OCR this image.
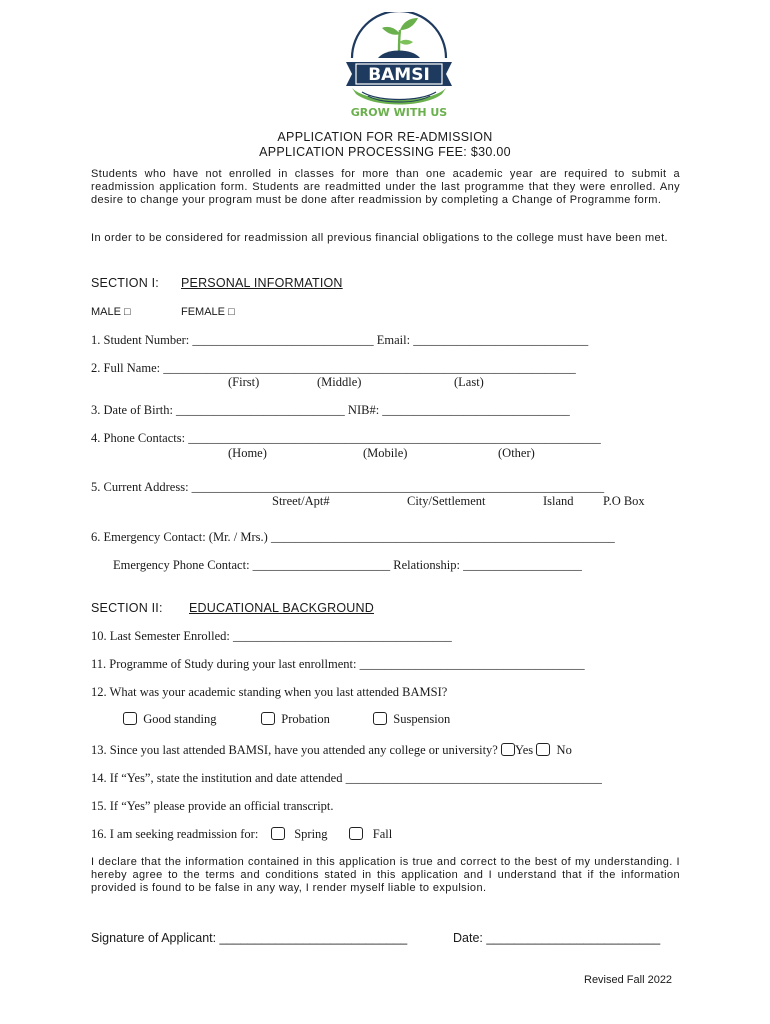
BAMSI
GROW WITH US
APPLICATION FOR RE-ADMISSION
APPLICATION PROCESSING FEE: $30.00

Students who have not enrolled in classes for more than one academic year are required to submit a readmission application form. Students are readmitted under the last programme that they were enrolled. Any desire to change your program must be done after readmission by completing a Change of Programme form.

In order to be considered for readmission all previous financial obligations to the college must have been met.

SECTION I: PERSONAL INFORMATION
MALE □	FEMALE □
1. Student Number: _____________________________ Email: ____________________________
2. Full Name: __________________________________________________________________
(First)	(Middle)	(Last)
3. Date of Birth: ___________________________ NIB#: ______________________________
4. Phone Contacts: __________________________________________________________________
(Home)	(Mobile)	(Other)
5. Current Address: __________________________________________________________________
Street/Apt#	City/Settlement	Island P.O Box
6. Emergency Contact: (Mr. / Mrs.) _______________________________________________________
Emergency Phone Contact: ______________________ Relationship: ___________________
SECTION II: EDUCATIONAL BACKGROUND
10. Last Semester Enrolled: ___________________________________
11. Programme of Study during your last enrollment: ____________________________________
12. What was your academic standing when you last attended BAMSI?
Good standing	Probation	Suspension
13. Since you last attended BAMSI, have you attended any college or university? Yes No
14. If “Yes”, state the institution and date attended _________________________________________
15. If “Yes” please provide an official transcript.
16. I am seeking readmission for:	Spring	Fall

I declare that the information contained in this application is true and correct to the best of my understanding. I hereby agree to the terms and conditions stated in this application and I understand that if the information provided is found to be false in any way, I render myself liable to expulsion.

Signature of Applicant: ___________________________	Date: _________________________
Revised Fall 2022
